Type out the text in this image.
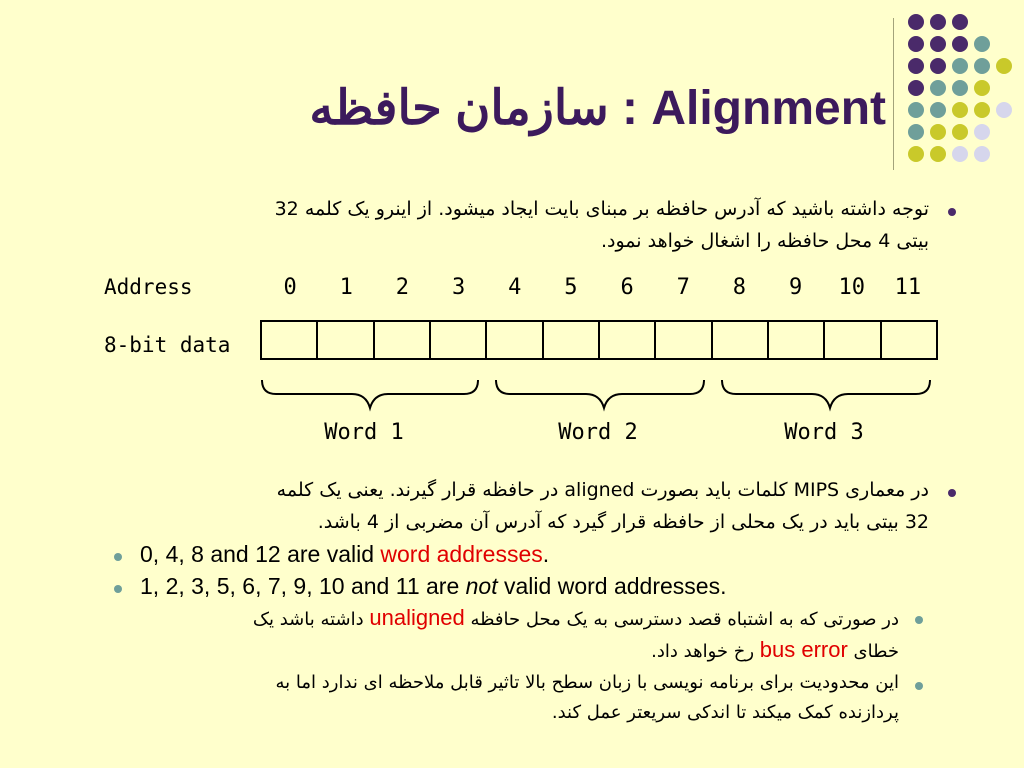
سازمان حافظه : Alignment
توجه داشته باشید که آدرس حافظه بر مبنای بایت ایجاد میشود. از اینرو یک کلمه 32
بیتی 4 محل حافظه را اشغال خواهد نمود.
Address	0	1	2	3	4	5	6	7	8	9	10	11
8-bit data
Word 1	Word 2	Word 3
در معماری MIPS کلمات باید بصورت aligned در حافظه قرار گیرند. یعنی یک کلمه
32 بیتی باید در یک محلی از حافظه قرار گیرد که آدرس آن مضربی از 4 باشد.
0, 4, 8 and 12 are valid word addresses.
1, 2, 3, 5, 6, 7, 9, 10 and 11 are not valid word addresses.
در صورتی که به اشتباه قصد دسترسی به یک محل حافظه unaligned داشته باشد یک
خطای bus error رخ خواهد داد.
این محدودیت برای برنامه نویسی با زبان سطح بالا تاثیر قابل ملاحظه ای ندارد اما به
پردازنده کمک میکند تا اندکی سریعتر عمل کند.
